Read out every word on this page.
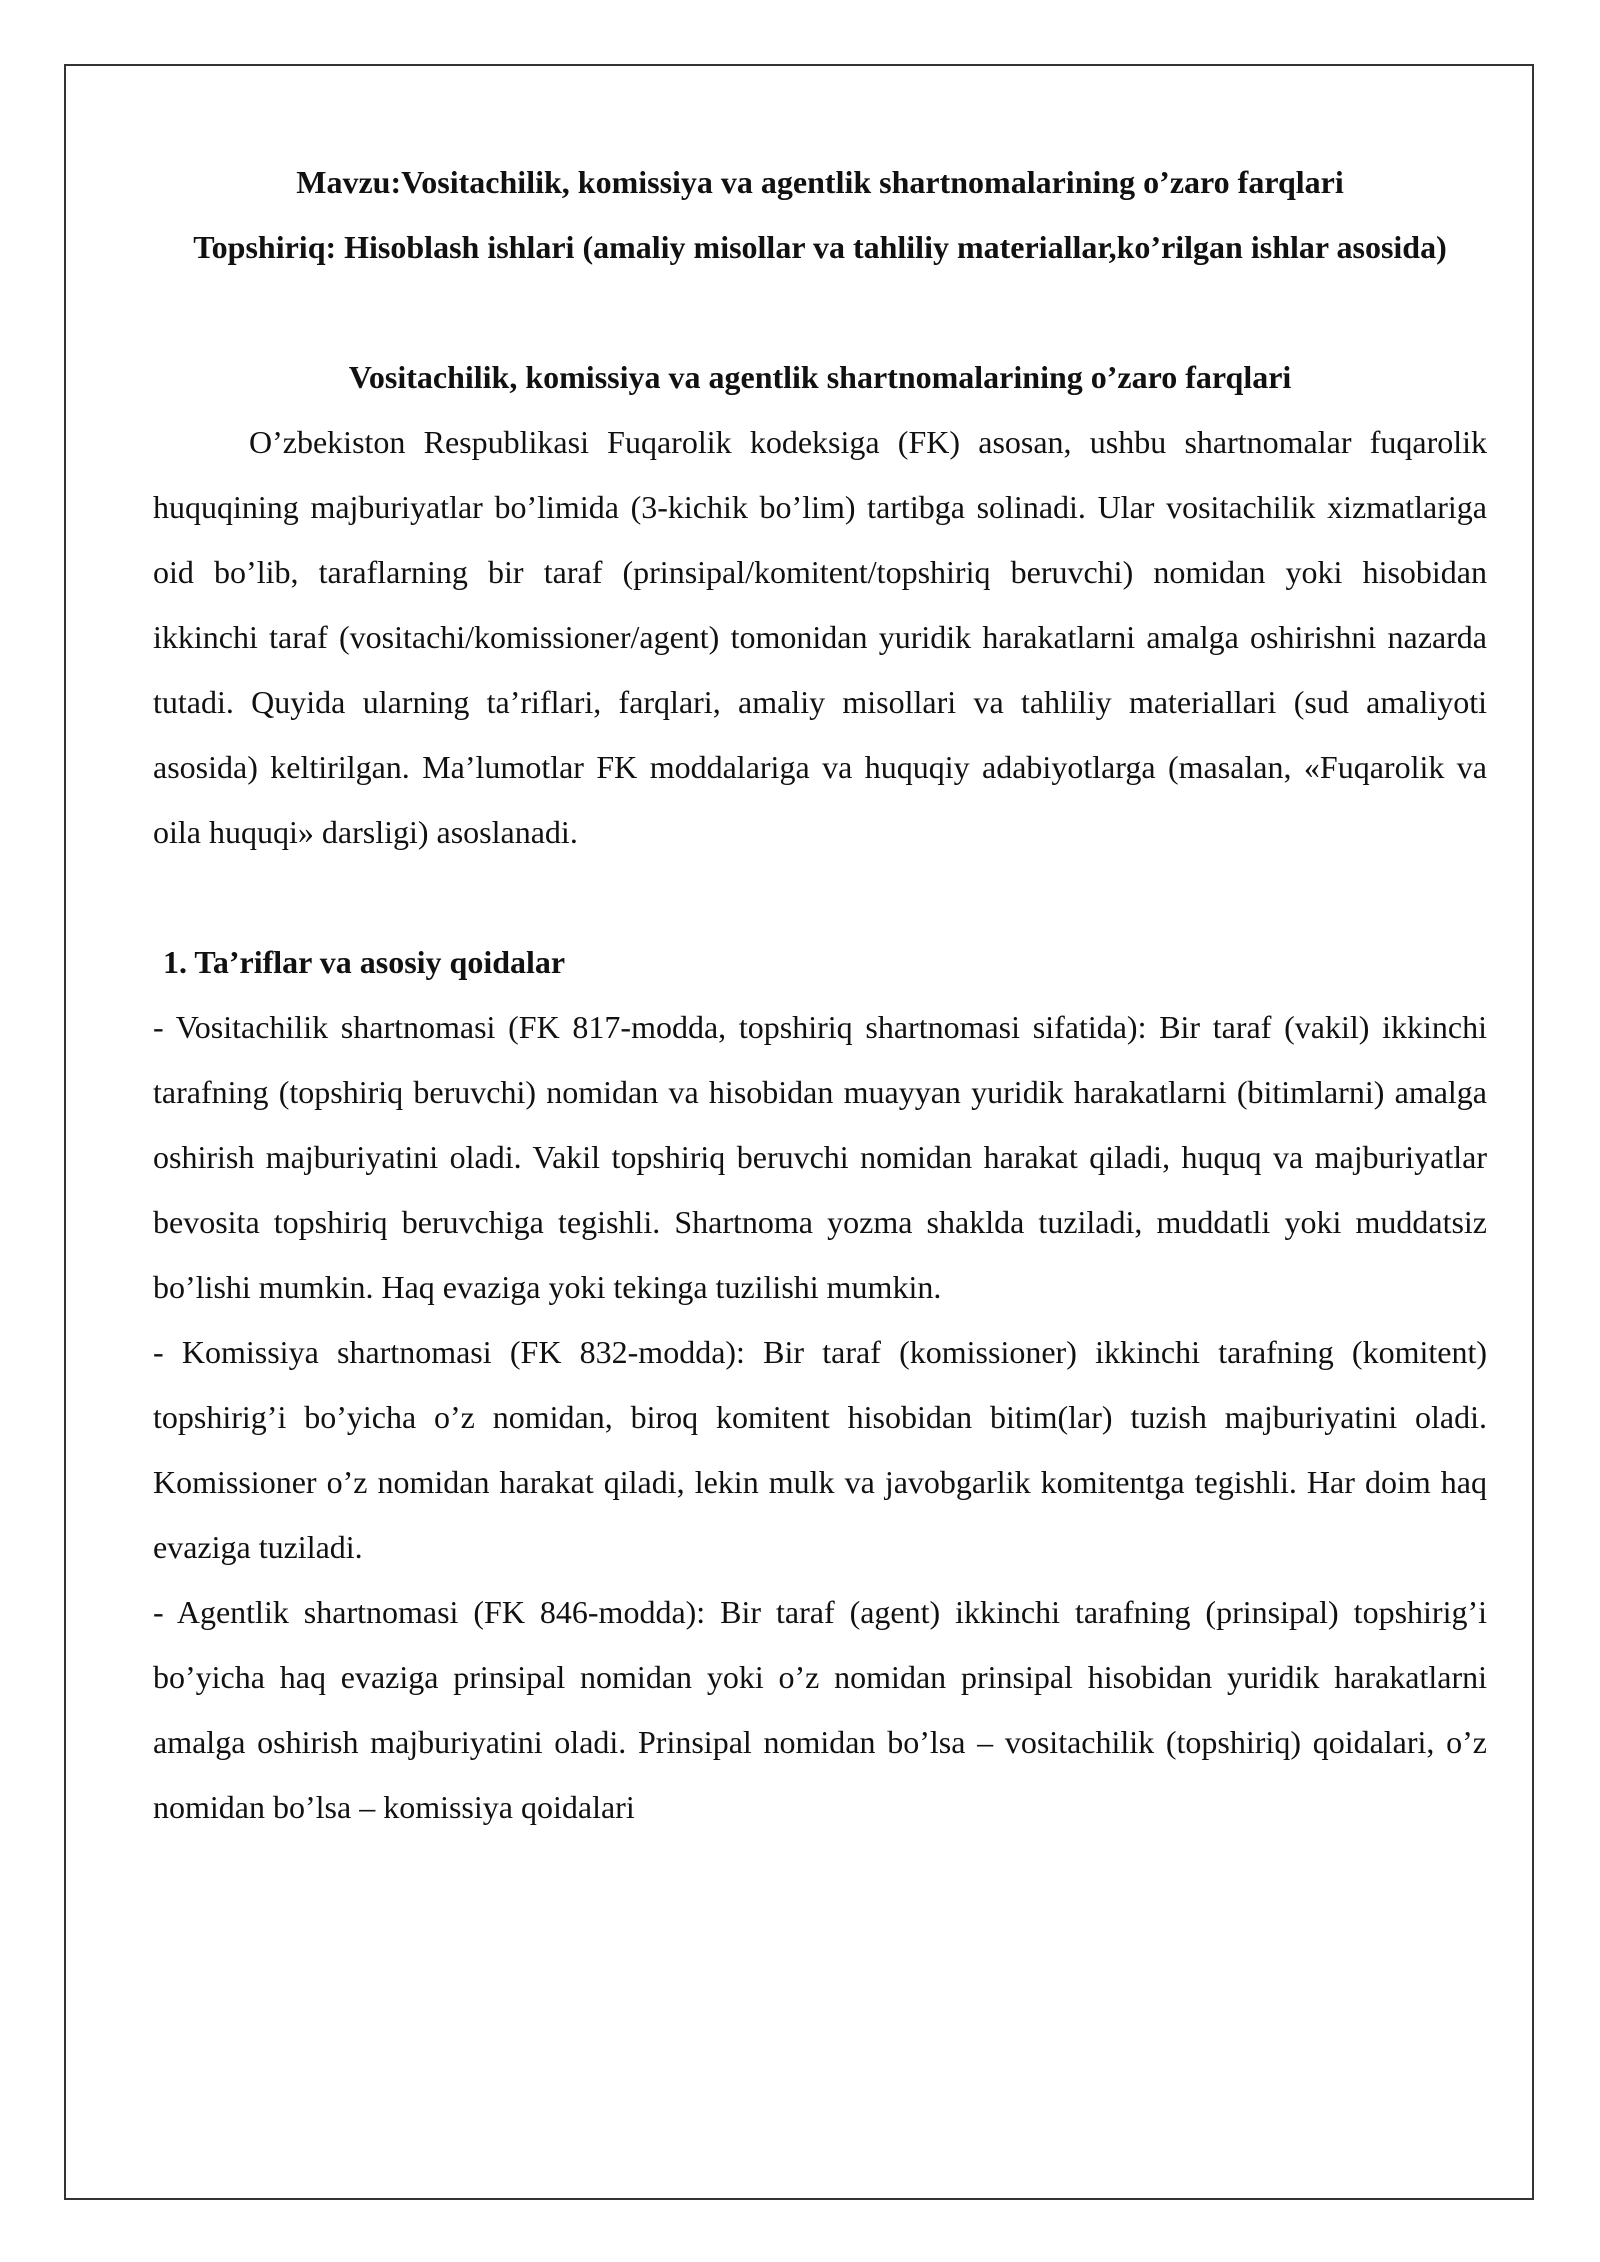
Mavzu:Vositachilik, komissiya va agentlik shartnomalarining o’zaro farqlari
Topshiriq: Hisoblash ishlari (amaliy misollar va tahliliy materiallar,ko’rilgan ishlar asosida)
Vositachilik, komissiya va agentlik shartnomalarining o’zaro farqlari

O’zbekiston Respublikasi Fuqarolik kodeksiga (FK) asosan, ushbu shartnomalar fuqarolik huquqining majburiyatlar bo’limida (3-kichik bo’lim) tartibga solinadi. Ular vositachilik xizmatlariga oid bo’lib, taraflarning bir taraf (prinsipal/komitent/topshiriq beruvchi) nomidan yoki hisobidan ikkinchi taraf (vositachi/komissioner/agent) tomonidan yuridik harakatlarni amalga oshirishni nazarda tutadi. Quyida ularning ta’riflari, farqlari, amaliy misollari va tahliliy materiallari (sud amaliyoti asosida) keltirilgan. Ma’lumotlar FK moddalariga va huquqiy adabiyotlarga (masalan, «Fuqarolik va oila huquqi» darsligi) asoslanadi.

1. Ta’riflar va asosiy qoidalar

- Vositachilik shartnomasi (FK 817-modda, topshiriq shartnomasi sifatida): Bir taraf (vakil) ikkinchi tarafning (topshiriq beruvchi) nomidan va hisobidan muayyan yuridik harakatlarni (bitimlarni) amalga oshirish majburiyatini oladi. Vakil topshiriq beruvchi nomidan harakat qiladi, huquq va majburiyatlar bevosita topshiriq beruvchiga tegishli. Shartnoma yozma shaklda tuziladi, muddatli yoki muddatsiz bo’lishi mumkin. Haq evaziga yoki tekinga tuzilishi mumkin.

- Komissiya shartnomasi (FK 832-modda): Bir taraf (komissioner) ikkinchi tarafning (komitent) topshirig’i bo’yicha o’z nomidan, biroq komitent hisobidan bitim(lar) tuzish majburiyatini oladi. Komissioner o’z nomidan harakat qiladi, lekin mulk va javobgarlik komitentga tegishli. Har doim haq evaziga tuziladi.

- Agentlik shartnomasi (FK 846-modda): Bir taraf (agent) ikkinchi tarafning (prinsipal) topshirig’i bo’yicha haq evaziga prinsipal nomidan yoki o’z nomidan prinsipal hisobidan yuridik harakatlarni amalga oshirish majburiyatini oladi. Prinsipal nomidan bo’lsa – vositachilik (topshiriq) qoidalari, o’z nomidan bo’lsa – komissiya qoidalari
